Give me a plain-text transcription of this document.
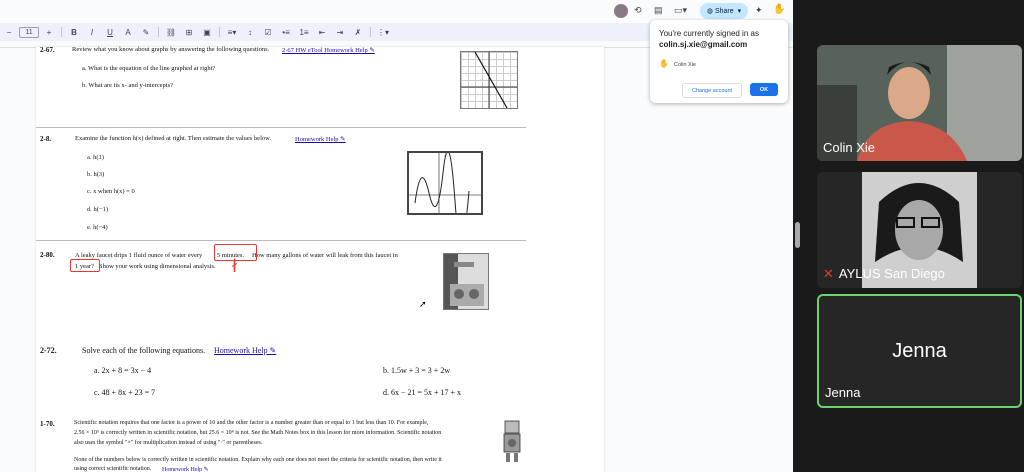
⟲ ▤ ▭▾	◍ Share ▾ ✦ ✋
−	11	+	B	I	U	A	✎	⛓	⊞	▣	≡▾	↕	☑	•≡	1≡	⇤	⇥	✗	⋮▾
2-67.	Review what you know about graphs by answering the following questions. 2-67 HW eTool Homework Help ✎
a. What is the equation of the line graphed at right?
b. What are its x- and y-intercepts?
2-8.	Examine the function h(x) defined at right. Then estimate the values below.	Homework Help ✎
a. h(1)
b. h(3)
c. x when h(x) = 0
d. h(−1)
e. h(−4)
2-80.	A leaky faucet drips 1 fluid ounce of water every 5 minutes. How many gallons of water will leak from this faucet in
1 year? Show your work using dimensional analysis. ł
2-72.	Solve each of the following equations. Homework Help ✎
a. 2x + 8 = 3x − 4	b. 1.5w + 3 = 3 + 2w
c. 48 + 8x + 23 = 7	d. 6x − 21 = 5x + 17 + x
1-70.	Scientific notation requires that one factor is a power of 10 and the other factor is a number greater than or equal to 1 but less than 10. For example,
2.56 × 10⁵ is correctly written in scientific notation, but 25.6 × 10⁴ is not. See the Math Notes box in this lesson for more information. Scientific notation
also uses the symbol "×" for multiplication instead of using "·" or parentheses.
None of the numbers below is correctly written in scientific notation. Explain why each one does not meet the criteria for scientific notation, then write it
using correct scientific notation. Homework Help ✎
➚
You're currently signed in as
colin.sj.xie@gmail.com
✋ Colin Xie
Change account	OK
Colin Xie
✕ AYLUS San Diego
Jenna
Jenna
